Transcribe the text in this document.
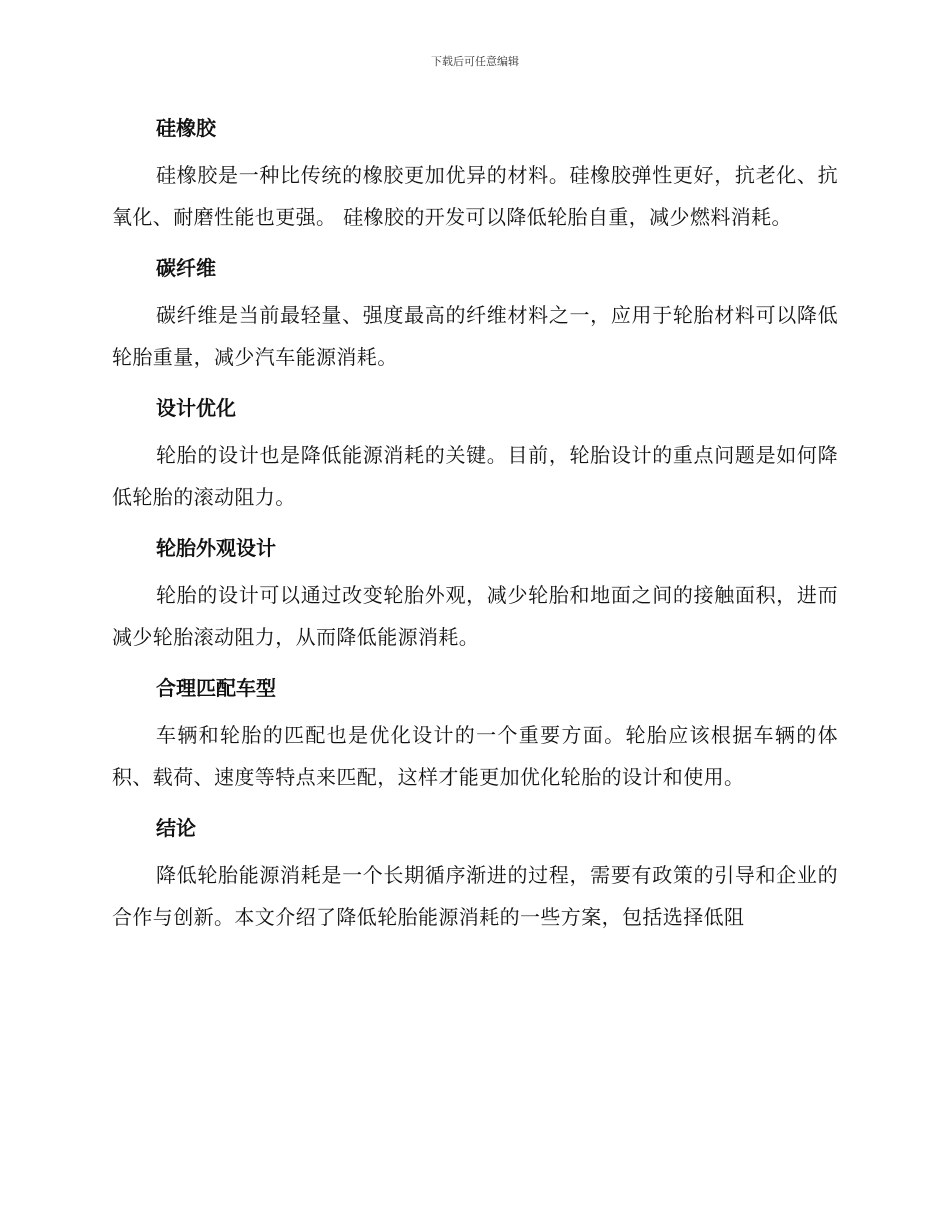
下载后可任意编辑
硅橡胶

硅橡胶是一种比传统的橡胶更加优异的材料。硅橡胶弹性更好，抗老化、抗氧化、耐磨性能也更强。 硅橡胶的开发可以降低轮胎自重，减少燃料消耗。

碳纤维

碳纤维是当前最轻量、强度最高的纤维材料之一，应用于轮胎材料可以降低轮胎重量，减少汽车能源消耗。

设计优化

轮胎的设计也是降低能源消耗的关键。目前，轮胎设计的重点问题是如何降低轮胎的滚动阻力。

轮胎外观设计

轮胎的设计可以通过改变轮胎外观，减少轮胎和地面之间的接触面积，进而减少轮胎滚动阻力，从而降低能源消耗。

合理匹配车型

车辆和轮胎的匹配也是优化设计的一个重要方面。轮胎应该根据车辆的体积、载荷、速度等特点来匹配，这样才能更加优化轮胎的设计和使用。

结论

降低轮胎能源消耗是一个长期循序渐进的过程，需要有政策的引导和企业的合作与创新。本文介绍了降低轮胎能源消耗的一些方案，包括选择低阻
